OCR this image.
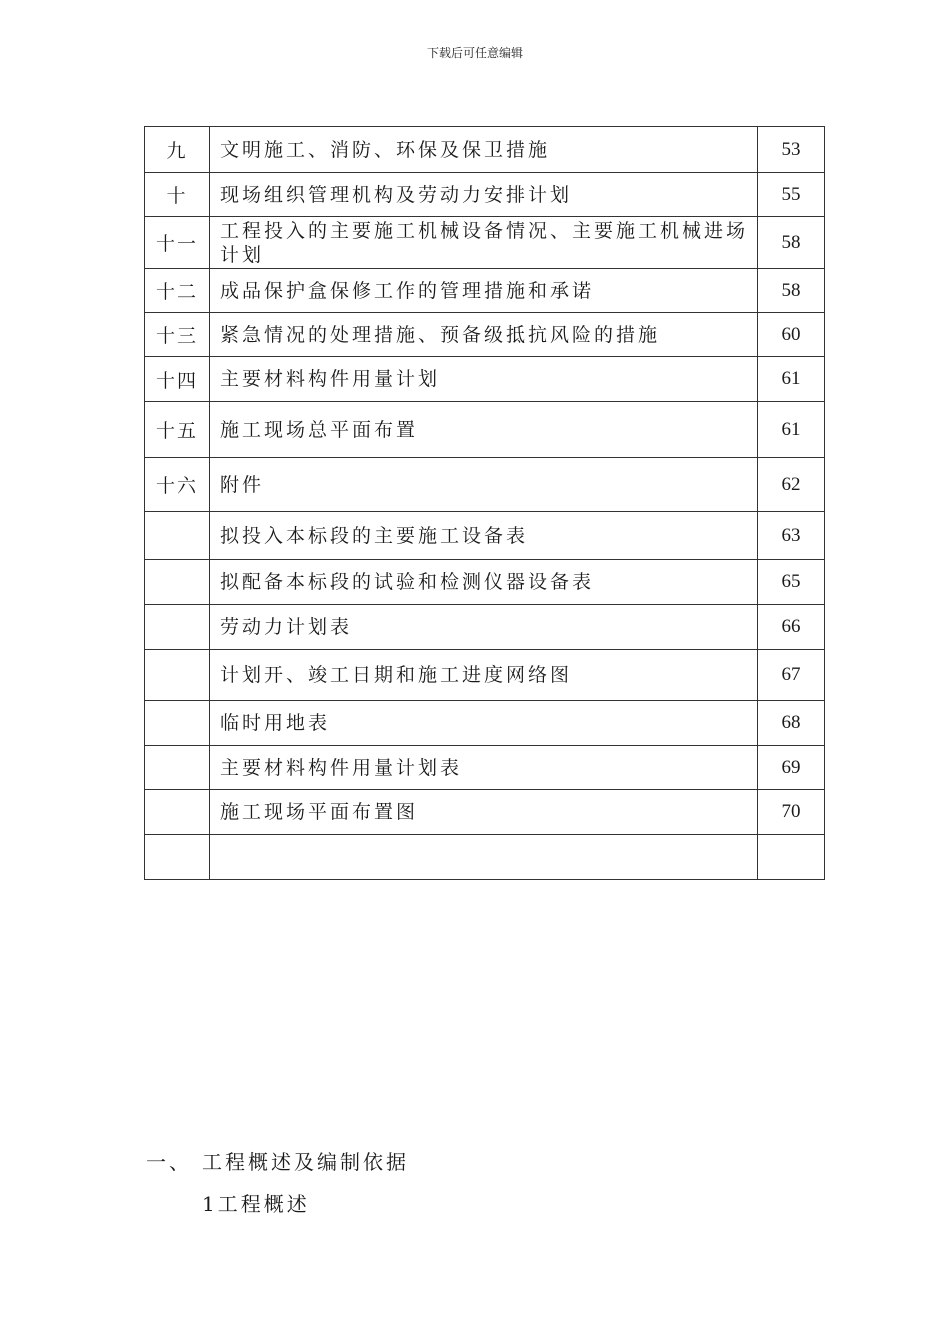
下载后可任意编辑
九	文明施工、消防、环保及保卫措施	53
十	现场组织管理机构及劳动力安排计划	55
十一	工程投入的主要施工机械设备情况、主要施工机械进场计划	58
十二	成品保护盒保修工作的管理措施和承诺	58
十三	紧急情况的处理措施、预备级抵抗风险的措施	60
十四	主要材料构件用量计划	61
十五	施工现场总平面布置	61
十六	附件	62
	拟投入本标段的主要施工设备表	63
	拟配备本标段的试验和检测仪器设备表	65
	劳动力计划表	66
	计划开、竣工日期和施工进度网络图	67
	临时用地表	68
	主要材料构件用量计划表	69
	施工现场平面布置图	70

一、 工程概述及编制依据
1工程概述
